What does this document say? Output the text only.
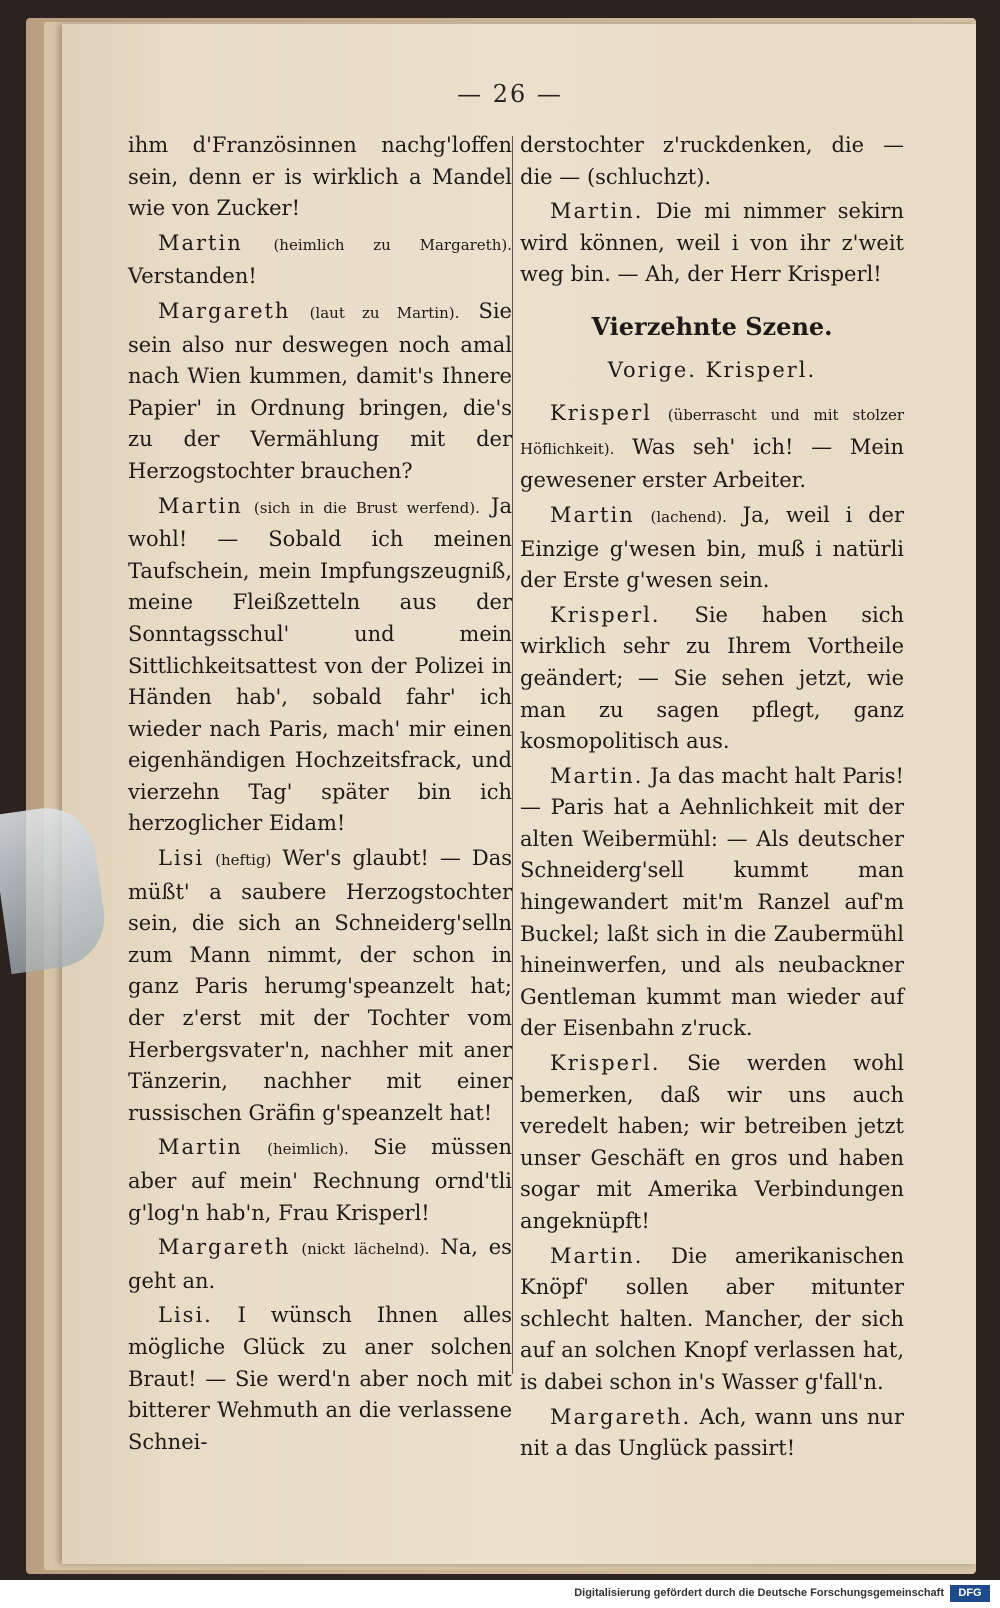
— 26 —

ihm d'Französinnen nachg'loffen sein, denn er is wirklich a Mandel wie von Zucker!

Martin (heimlich zu Margareth). Verstanden!

Margareth (laut zu Martin). Sie sein also nur deswegen noch amal nach Wien kummen, damit's Ihnere Papier' in Ordnung bringen, die's zu der Vermählung mit der Herzogstochter brauchen?

Martin (sich in die Brust werfend). Ja wohl! — Sobald ich meinen Taufschein, mein Impfungszeugniß, meine Fleißzetteln aus der Sonntagsschul' und mein Sittlichkeitsattest von der Polizei in Händen hab', sobald fahr' ich wieder nach Paris, mach' mir einen eigenhändigen Hochzeitsfrack, und vierzehn Tag' später bin ich herzoglicher Eidam!

Lisi (heftig) Wer's glaubt! — Das müßt' a saubere Herzogstochter sein, die sich an Schneiderg'selln zum Mann nimmt, der schon in ganz Paris herumg'speanzelt hat; der z'erst mit der Tochter vom Herbergsvater'n, nachher mit aner Tänzerin, nachher mit einer russischen Gräfin g'speanzelt hat!

Martin (heimlich). Sie müssen aber auf mein' Rechnung ornd'tli g'log'n hab'n, Frau Krisperl!

Margareth (nickt lächelnd). Na, es geht an.

Lisi. I wünsch Ihnen alles mögliche Glück zu aner solchen Braut! — Sie werd'n aber noch mit bitterer Wehmuth an die verlassene Schnei-

derstochter z'ruckdenken, die — die — (schluchzt).

Martin. Die mi nimmer sekirn wird können, weil i von ihr z'weit weg bin. — Ah, der Herr Krisperl!

Vierzehnte Szene.

Vorige. Krisperl.

Krisperl (überrascht und mit stolzer Höflichkeit). Was seh' ich! — Mein gewesener erster Arbeiter.

Martin (lachend). Ja, weil i der Einzige g'wesen bin, muß i natürli der Erste g'wesen sein.

Krisperl. Sie haben sich wirklich sehr zu Ihrem Vortheile geändert; — Sie sehen jetzt, wie man zu sagen pflegt, ganz kosmopolitisch aus.

Martin. Ja das macht halt Paris! — Paris hat a Aehnlichkeit mit der alten Weibermühl: — Als deutscher Schneiderg'sell kummt man hingewandert mit'm Ranzel auf'm Buckel; laßt sich in die Zaubermühl hineinwerfen, und als neubackner Gentleman kummt man wieder auf der Eisenbahn z'ruck.

Krisperl. Sie werden wohl bemerken, daß wir uns auch veredelt haben; wir betreiben jetzt unser Geschäft en gros und haben sogar mit Amerika Verbindungen angeknüpft!

Martin. Die amerikanischen Knöpf' sollen aber mitunter schlecht halten. Mancher, der sich auf an solchen Knopf verlassen hat, is dabei schon in's Wasser g'fall'n.

Margareth. Ach, wann uns nur nit a das Unglück passirt!

Digitalisierung gefördert durch die Deutsche Forschungsgemeinschaft	DFG
